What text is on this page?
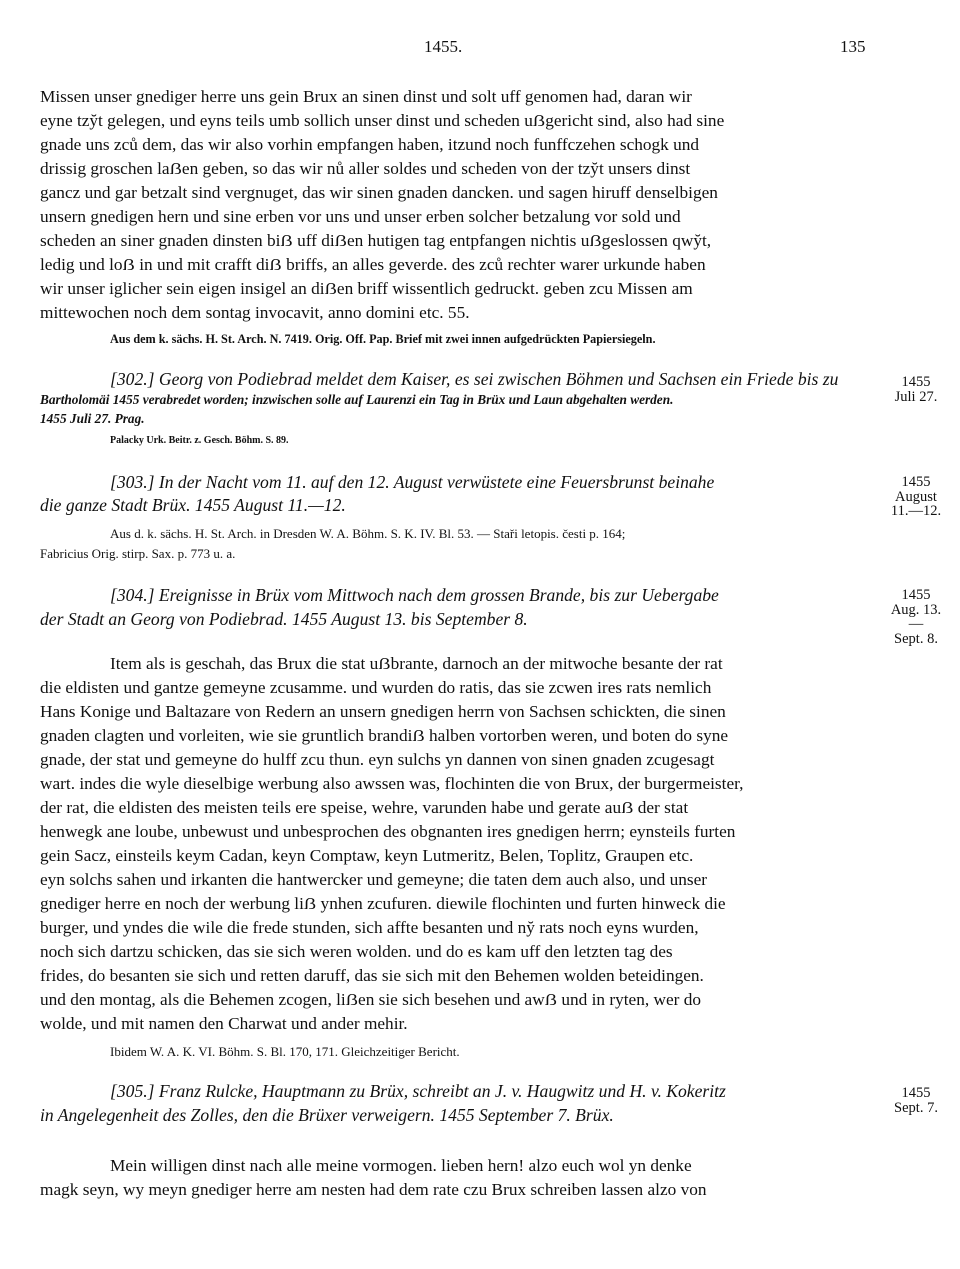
1455.	135
Missen unser gnediger herre uns gein Brux an sinen dinst und solt uff genomen had, daran wir
eyne tzy̆t gelegen, und eyns teils umb sollich unser dinst und scheden uẞgericht sind, also had sine
gnade uns zců dem, das wir also vorhin empfangen haben, itzund noch funffczehen schogk und
drissig groschen laẞen geben, so das wir nů aller soldes und scheden von der tzy̆t unsers dinst
gancz und gar betzalt sind vergnuget, das wir sinen gnaden dancken. und sagen hiruff denselbigen
unsern gnedigen hern und sine erben vor uns und unser erben solcher betzalung vor sold und
scheden an siner gnaden dinsten biẞ uff diẞen hutigen tag entpfangen nichtis uẞgeslossen qwy̆t,
ledig und loẞ in und mit crafft diẞ briffs, an alles geverde. des zců rechter warer urkunde haben
wir unser iglicher sein eigen insigel an diẞen briff wissentlich gedruckt. geben zcu Missen am
mittewochen noch dem sontag invocavit, anno domini etc. 55.
Aus dem k. sächs. H. St. Arch. N. 7419. Orig. Off. Pap. Brief mit zwei innen aufgedrückten Papiersiegeln.
[302.] Georg von Podiebrad meldet dem Kaiser, es sei zwischen Böhmen und Sachsen ein Friede bis zu
Bartholomäi 1455 verabredet worden; inzwischen solle auf Laurenzi ein Tag in Brüx und Laun abgehalten werden.
1455 Juli 27. Prag.
Palacky Urk. Beitr. z. Gesch. Böhm. S. 89.
1455
Juli 27.
[303.] In der Nacht vom 11. auf den 12. August verwüstete eine Feuersbrunst beinahe
die ganze Stadt Brüx. 1455 August 11.—12.
Aus d. k. sächs. H. St. Arch. in Dresden W. A. Böhm. S. K. IV. Bl. 53. — Staři letopis. česti p. 164;
Fabricius Orig. stirp. Sax. p. 773 u. a.
1455
August
11.—12.
[304.] Ereignisse in Brüx vom Mittwoch nach dem grossen Brande, bis zur Uebergabe
der Stadt an Georg von Podiebrad. 1455 August 13. bis September 8.
1455
Aug. 13.—
Sept. 8.
Item als is geschah, das Brux die stat uẞbrante, darnoch an der mitwoche besante der rat
die eldisten und gantze gemeyne zcusamme. und wurden do ratis, das sie zcwen ires rats nemlich
Hans Konige und Baltazare von Redern an unsern gnedigen herrn von Sachsen schickten, die sinen
gnaden clagten und vorleiten, wie sie gruntlich brandiẞ halben vortorben weren, und boten do syne
gnade, der stat und gemeyne do hulff zcu thun. eyn sulchs yn dannen von sinen gnaden zcugesagt
wart. indes die wyle dieselbige werbung also awssen was, flochinten die von Brux, der burgermeister,
der rat, die eldisten des meisten teils ere speise, wehre, varunden habe und gerate auẞ der stat
henwegk ane loube, unbewust und unbesprochen des obgnanten ires gnedigen herrn; eynsteils furten
gein Sacz, einsteils keym Cadan, keyn Comptaw, keyn Lutmeritz, Belen, Toplitz, Graupen etc.
eyn solchs sahen und irkanten die hantwercker und gemeyne; die taten dem auch also, und unser
gnediger herre en noch der werbung liẞ ynhen zcufuren. diewile flochinten und furten hinweck die
burger, und yndes die wile die frede stunden, sich affte besanten und ny̆ rats noch eyns wurden,
noch sich dartzu schicken, das sie sich weren wolden. und do es kam uff den letzten tag des
frides, do besanten sie sich und retten daruff, das sie sich mit den Behemen wolden beteidingen.
und den montag, als die Behemen zcogen, liẞen sie sich besehen und awẞ und in ryten, wer do
wolde, und mit namen den Charwat und ander mehir.
Ibidem W. A. K. VI. Böhm. S. Bl. 170, 171. Gleichzeitiger Bericht.
[305.] Franz Rulcke, Hauptmann zu Brüx, schreibt an J. v. Haugwitz und H. v. Kokeritz
in Angelegenheit des Zolles, den die Brüxer verweigern. 1455 September 7. Brüx.
1455
Sept. 7.
Mein willigen dinst nach alle meine vormogen. lieben hern! alzo euch wol yn denke
magk seyn, wy meyn gnediger herre am nesten had dem rate czu Brux schreiben lassen alzo von
